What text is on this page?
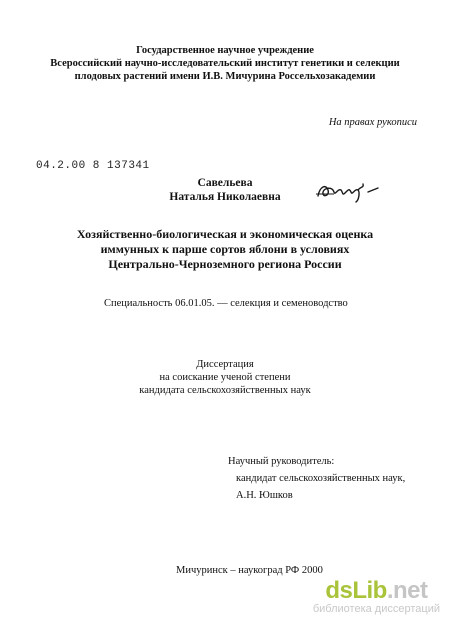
Государственное научное учреждение
Всероссийский научно-исследовательский институт генетики и селекции
плодовых растений имени И.В. Мичурина Россельхозакадемии
На правах рукописи
04.2.00 8 137341
Савельева
Наталья Николаевна
Хозяйственно-биологическая и экономическая оценка
иммунных к парше сортов яблони в условиях
Центрально-Черноземного региона России
Специальность 06.01.05. — селекция и семеноводство
Диссертация
на соискание ученой степени
кандидата сельскохозяйственных наук
Научный руководитель:
кандидат сельскохозяйственных наук,
А.Н. Юшков
Мичуринск – наукоград РФ 2000
dsLib.net
библиотека диссертаций
